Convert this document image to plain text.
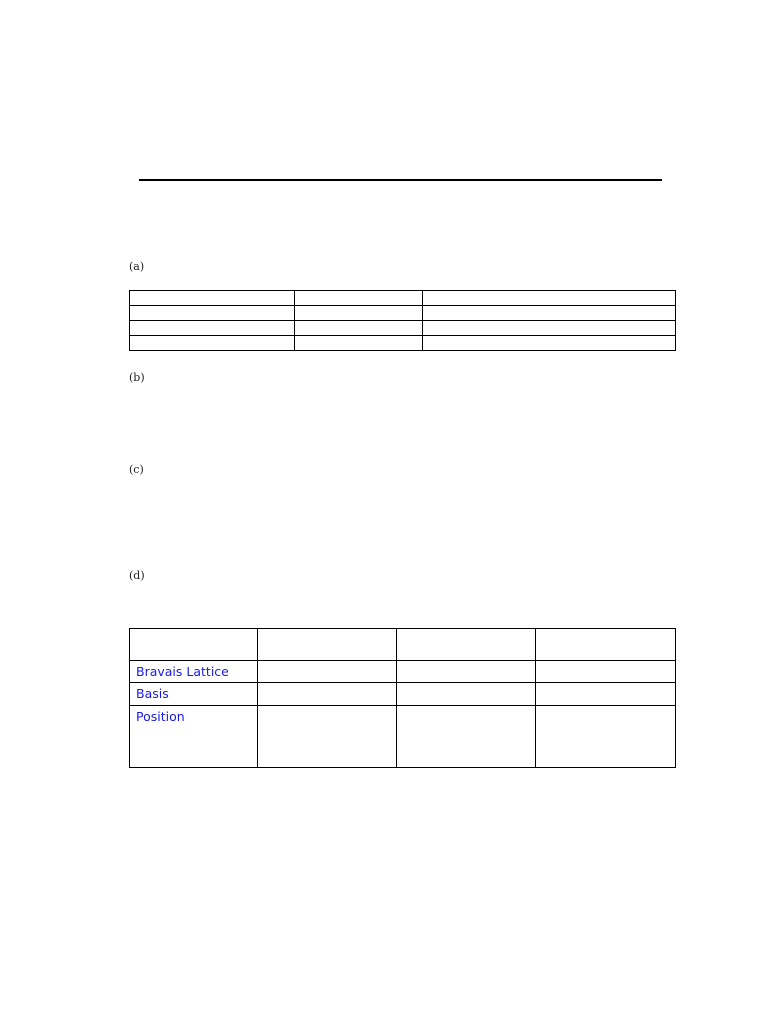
(a)

(b)
(c)
(d)

Bravais Lattice			
Basis			
Position			
